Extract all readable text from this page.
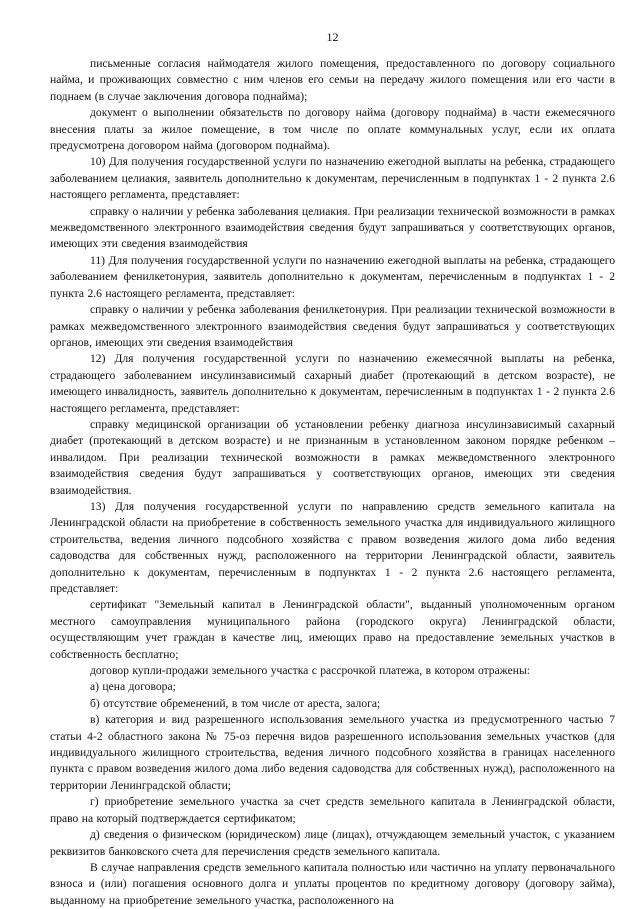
12

письменные согласия наймодателя жилого помещения, предоставленного по договору социального найма, и проживающих совместно с ним членов его семьи на передачу жилого помещения или его части в поднаем (в случае заключения договора поднайма);

документ о выполнении обязательств по договору найма (договору поднайма) в части ежемесячного внесения платы за жилое помещение, в том числе по оплате коммунальных услуг, если их оплата предусмотрена договором найма (договором поднайма).

10) Для получения государственной услуги по назначению ежегодной выплаты на ребенка, страдающего заболеванием целиакия, заявитель дополнительно к документам, перечисленным в подпунктах 1 - 2 пункта 2.6 настоящего регламента, представляет:

справку о наличии у ребенка заболевания целиакия. При реализации технической возможности в рамках межведомственного электронного взаимодействия сведения будут запрашиваться у соответствующих органов, имеющих эти сведения взаимодействия

11) Для получения государственной услуги по назначению ежегодной выплаты на ребенка, страдающего заболеванием фенилкетонурия, заявитель дополнительно к документам, перечисленным в подпунктах 1 - 2 пункта 2.6 настоящего регламента, представляет:

справку о наличии у ребенка заболевания фенилкетонурия. При реализации технической возможности в рамках межведомственного электронного взаимодействия сведения будут запрашиваться у соответствующих органов, имеющих эти сведения взаимодействия

12) Для получения государственной услуги по назначению ежемесячной выплаты на ребенка, страдающего заболеванием инсулинзависимый сахарный диабет (протекающий в детском возрасте), не имеющего инвалидность, заявитель дополнительно к документам, перечисленным в подпунктах 1 - 2 пункта 2.6 настоящего регламента, представляет:

справку медицинской организации об установлении ребенку диагноза инсулинзависимый сахарный диабет (протекающий в детском возрасте) и не признанным в установленном законом порядке ребенком – инвалидом. При реализации технической возможности в рамках межведомственного электронного взаимодействия сведения будут запрашиваться у соответствующих органов, имеющих эти сведения взаимодействия.

13) Для получения государственной услуги по направлению средств земельного капитала на Ленинградской области на приобретение в собственность земельного участка для индивидуального жилищного строительства, ведения личного подсобного хозяйства с правом возведения жилого дома либо ведения садоводства для собственных нужд, расположенного на территории Ленинградской области, заявитель дополнительно к документам, перечисленным в подпунктах 1 - 2 пункта 2.6 настоящего регламента, представляет:

сертификат "Земельный капитал в Ленинградской области", выданный уполномоченным органом местного самоуправления муниципального района (городского округа) Ленинградской области, осуществляющим учет граждан в качестве лиц, имеющих право на предоставление земельных участков в собственность бесплатно;

договор купли-продажи земельного участка с рассрочкой платежа, в котором отражены:

а) цена договора;

б) отсутствие обременений, в том числе от ареста, залога;

в) категория и вид разрешенного использования земельного участка из предусмотренного частью 7 статьи 4-2 областного закона № 75-оз перечня видов разрешенного использования земельных участков (для индивидуального жилищного строительства, ведения личного подсобного хозяйства в границах населенного пункта с правом возведения жилого дома либо ведения садоводства для собственных нужд), расположенного на территории Ленинградской области;

г) приобретение земельного участка за счет средств земельного капитала в Ленинградской области, право на который подтверждается сертификатом;

д) сведения о физическом (юридическом) лице (лицах), отчуждающем земельный участок, с указанием реквизитов банковского счета для перечисления средств земельного капитала.

В случае направления средств земельного капитала полностью или частично на уплату первоначального взноса и (или) погашения основного долга и уплаты процентов по кредитному договору (договору займа), выданному на приобретение земельного участка, расположенного на
